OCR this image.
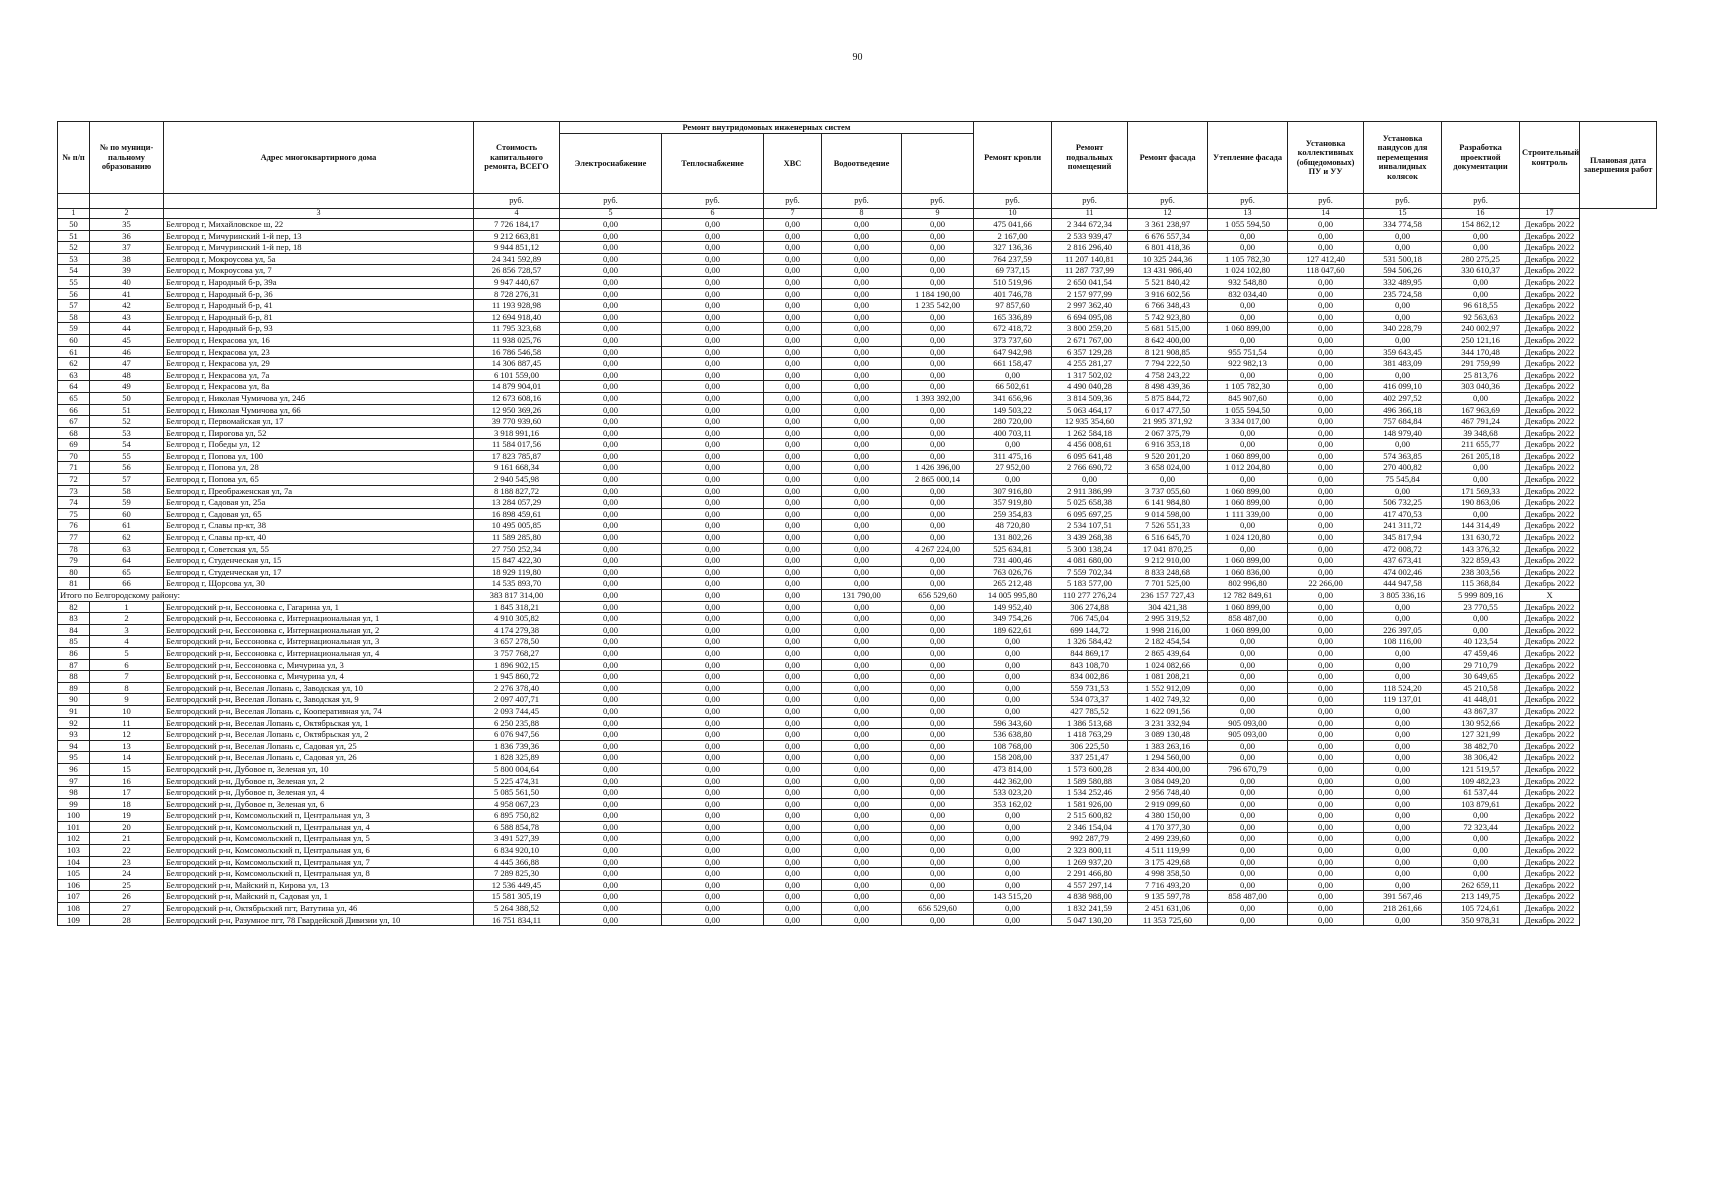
90
№ п/п	№ по муници-пальному образованию	Адрес многоквартирного дома	Стоимость капитального ремонта, ВСЕГО	Ремонт внутридомовых инженерных систем					Ремонт кровли	Ремонт подвальных помещений	Ремонт фасада	Утепление фасада	Установка коллективных (общедомовых) ПУ и УУ	Установка пандусов для перемещения инвалидных колясок	Разработка проектной документации	Строительный контроль	Плановая дата завершения работ
				Электроснабжение	Теплоснабжение	ХВС	Водоотведение										
			руб.	руб.	руб.	руб.	руб.	руб.	руб.	руб.	руб.	руб.	руб.	руб.	руб.		
1	2	3	4	5	6	7	8	9	10	11	12	13	14	15	16	17	
50	35	Белгород г, Михайловское ш, 22	7 726 184,17	0,00	0,00	0,00	0,00	0,00	475 041,66	2 344 672,34	3 361 238,97	1 055 594,50	0,00	334 774,58	154 862,12	Декабрь 2022	
51	36	Белгород г, Мичуринский 1-й пер, 13	9 212 663,81	0,00	0,00	0,00	0,00	0,00	2 167,00	2 533 939,47	6 676 557,34	0,00	0,00	0,00	0,00	Декабрь 2022	
52	37	Белгород г, Мичуринский 1-й пер, 18	9 944 851,12	0,00	0,00	0,00	0,00	0,00	327 136,36	2 816 296,40	6 801 418,36	0,00	0,00	0,00	0,00	Декабрь 2022	
53	38	Белгород г, Мокроусова ул, 5а	24 341 592,89	0,00	0,00	0,00	0,00	0,00	764 237,59	11 207 140,81	10 325 244,36	1 105 782,30	127 412,40	531 500,18	280 275,25	Декабрь 2022	
54	39	Белгород г, Мокроусова ул, 7	26 856 728,57	0,00	0,00	0,00	0,00	0,00	69 737,15	11 287 737,99	13 431 986,40	1 024 102,80	118 047,60	594 506,26	330 610,37	Декабрь 2022	
55	40	Белгород г, Народный б-р, 39а	9 947 440,67	0,00	0,00	0,00	0,00	0,00	510 519,96	2 650 041,54	5 521 840,42	932 548,80	0,00	332 489,95	0,00	Декабрь 2022	
56	41	Белгород г, Народный б-р, 36	8 728 276,31	0,00	0,00	0,00	0,00	1 184 190,00	401 746,78	2 157 977,99	3 916 602,56	832 034,40	0,00	235 724,58	0,00	Декабрь 2022	
57	42	Белгород г, Народный б-р, 41	11 193 928,98	0,00	0,00	0,00	0,00	1 235 542,00	97 857,60	2 997 362,40	6 766 348,43	0,00	0,00	0,00	96 618,55	Декабрь 2022	
58	43	Белгород г, Народный б-р, 81	12 694 918,40	0,00	0,00	0,00	0,00	0,00	165 336,89	6 694 095,08	5 742 923,80	0,00	0,00	0,00	92 563,63	Декабрь 2022	
59	44	Белгород г, Народный б-р, 93	11 795 323,68	0,00	0,00	0,00	0,00	0,00	672 418,72	3 800 259,20	5 681 515,00	1 060 899,00	0,00	340 228,79	240 002,97	Декабрь 2022	
60	45	Белгород г, Некрасова ул, 16	11 938 025,76	0,00	0,00	0,00	0,00	0,00	373 737,60	2 671 767,00	8 642 400,00	0,00	0,00	0,00	250 121,16	Декабрь 2022	
61	46	Белгород г, Некрасова ул, 23	16 786 546,58	0,00	0,00	0,00	0,00	0,00	647 942,98	6 357 129,28	8 121 908,85	955 751,54	0,00	359 643,45	344 170,48	Декабрь 2022	
62	47	Белгород г, Некрасова ул, 29	14 306 887,45	0,00	0,00	0,00	0,00	0,00	661 158,47	4 255 281,27	7 794 222,50	922 982,13	0,00	381 483,09	291 759,99	Декабрь 2022	
63	48	Белгород г, Некрасова ул, 7а	6 101 559,00	0,00	0,00	0,00	0,00	0,00	0,00	1 317 502,02	4 758 243,22	0,00	0,00	0,00	25 813,76	Декабрь 2022	
64	49	Белгород г, Некрасова ул, 8а	14 879 904,01	0,00	0,00	0,00	0,00	0,00	66 502,61	4 490 040,28	8 498 439,36	1 105 782,30	0,00	416 099,10	303 040,36	Декабрь 2022	
65	50	Белгород г, Николая Чумичова ул, 24б	12 673 608,16	0,00	0,00	0,00	0,00	1 393 392,00	341 656,96	3 814 509,36	5 875 844,72	845 907,60	0,00	402 297,52	0,00	Декабрь 2022	
66	51	Белгород г, Николая Чумичова ул, 66	12 950 369,26	0,00	0,00	0,00	0,00	0,00	149 503,22	5 063 464,17	6 017 477,50	1 055 594,50	0,00	496 366,18	167 963,69	Декабрь 2022	
67	52	Белгород г, Первомайская ул, 17	39 770 939,60	0,00	0,00	0,00	0,00	0,00	280 720,00	12 935 354,60	21 995 371,92	3 334 017,00	0,00	757 684,84	467 791,24	Декабрь 2022	
68	53	Белгород г, Пирогова ул, 52	3 918 991,16	0,00	0,00	0,00	0,00	0,00	400 703,11	1 262 584,18	2 067 375,79	0,00	0,00	148 979,40	39 348,68	Декабрь 2022	
69	54	Белгород г, Победы ул, 12	11 584 017,56	0,00	0,00	0,00	0,00	0,00	0,00	4 456 008,61	6 916 353,18	0,00	0,00	0,00	211 655,77	Декабрь 2022	
70	55	Белгород г, Попова ул, 100	17 823 785,87	0,00	0,00	0,00	0,00	0,00	311 475,16	6 095 641,48	9 520 201,20	1 060 899,00	0,00	574 363,85	261 205,18	Декабрь 2022	
71	56	Белгород г, Попова ул, 28	9 161 668,34	0,00	0,00	0,00	0,00	1 426 396,00	27 952,00	2 766 690,72	3 658 024,00	1 012 204,80	0,00	270 400,82	0,00	Декабрь 2022	
72	57	Белгород г, Попова ул, 65	2 940 545,98	0,00	0,00	0,00	0,00	2 865 000,14	0,00	0,00	0,00	0,00	0,00	75 545,84	0,00	Декабрь 2022	
73	58	Белгород г, Преображенская ул, 7а	8 188 827,72	0,00	0,00	0,00	0,00	0,00	307 916,80	2 911 386,99	3 737 055,60	1 060 899,00	0,00	0,00	171 569,33	Декабрь 2022	
74	59	Белгород г, Садовая ул, 25а	13 284 057,29	0,00	0,00	0,00	0,00	0,00	357 919,80	5 025 658,38	6 141 984,80	1 060 899,00	0,00	506 732,25	190 863,06	Декабрь 2022	
75	60	Белгород г, Садовая ул, 65	16 898 459,61	0,00	0,00	0,00	0,00	0,00	259 354,83	6 095 697,25	9 014 598,00	1 111 339,00	0,00	417 470,53	0,00	Декабрь 2022	
76	61	Белгород г, Славы пр-кт, 38	10 495 005,85	0,00	0,00	0,00	0,00	0,00	48 720,80	2 534 107,51	7 526 551,33	0,00	0,00	241 311,72	144 314,49	Декабрь 2022	
77	62	Белгород г, Славы пр-кт, 40	11 589 285,80	0,00	0,00	0,00	0,00	0,00	131 802,26	3 439 268,38	6 516 645,70	1 024 120,80	0,00	345 817,94	131 630,72	Декабрь 2022	
78	63	Белгород г, Советская ул, 55	27 750 252,34	0,00	0,00	0,00	0,00	4 267 224,00	525 634,81	5 300 138,24	17 041 870,25	0,00	0,00	472 008,72	143 376,32	Декабрь 2022	
79	64	Белгород г, Студенческая ул, 15	15 847 422,30	0,00	0,00	0,00	0,00	0,00	731 400,46	4 081 680,00	9 212 910,00	1 060 899,00	0,00	437 673,41	322 859,43	Декабрь 2022	
80	65	Белгород г, Студенческая ул, 17	18 929 119,80	0,00	0,00	0,00	0,00	0,00	763 026,76	7 559 702,34	8 833 248,68	1 060 836,00	0,00	474 002,46	238 303,56	Декабрь 2022	
81	66	Белгород г, Щорсова ул, 30	14 535 893,70	0,00	0,00	0,00	0,00	0,00	265 212,48	5 183 577,00	7 701 525,00	802 996,80	22 266,00	444 947,58	115 368,84	Декабрь 2022	
Итого по Белгородскому району:			383 817 314,00	0,00	0,00	0,00	131 790,00	656 529,60	14 005 995,80	110 277 276,24	236 157 727,43	12 782 849,61	0,00	3 805 336,16	5 999 809,16	X	
82	1	Белгородский р-н, Бессоновка с, Гагарина ул, 1	1 845 318,21	0,00	0,00	0,00	0,00	0,00	149 952,40	306 274,88	304 421,38	1 060 899,00	0,00	0,00	23 770,55	Декабрь 2022	
83	2	Белгородский р-н, Бессоновка с, Интернациональная ул, 1	4 910 305,82	0,00	0,00	0,00	0,00	0,00	349 754,26	706 745,04	2 995 319,52	858 487,00	0,00	0,00	0,00	Декабрь 2022	
84	3	Белгородский р-н, Бессоновка с, Интернациональная ул, 2	4 174 279,38	0,00	0,00	0,00	0,00	0,00	189 622,61	699 144,72	1 998 216,00	1 060 899,00	0,00	226 397,05	0,00	Декабрь 2022	
85	4	Белгородский р-н, Бессоновка с, Интернациональная ул, 3	3 657 278,50	0,00	0,00	0,00	0,00	0,00	0,00	1 326 584,42	2 182 454,54	0,00	0,00	108 116,00	40 123,54	Декабрь 2022	
86	5	Белгородский р-н, Бессоновка с, Интернациональная ул, 4	3 757 768,27	0,00	0,00	0,00	0,00	0,00	0,00	844 869,17	2 865 439,64	0,00	0,00	0,00	47 459,46	Декабрь 2022	
87	6	Белгородский р-н, Бессоновка с, Мичурина ул, 3	1 896 902,15	0,00	0,00	0,00	0,00	0,00	0,00	843 108,70	1 024 082,66	0,00	0,00	0,00	29 710,79	Декабрь 2022	
88	7	Белгородский р-н, Бессоновка с, Мичурина ул, 4	1 945 860,72	0,00	0,00	0,00	0,00	0,00	0,00	834 002,86	1 081 208,21	0,00	0,00	0,00	30 649,65	Декабрь 2022	
89	8	Белгородский р-н, Веселая Лопань с, Заводская ул, 10	2 276 378,40	0,00	0,00	0,00	0,00	0,00	0,00	559 731,53	1 552 912,09	0,00	0,00	118 524,20	45 210,58	Декабрь 2022	
90	9	Белгородский р-н, Веселая Лопань с, Заводская ул, 9	2 097 407,71	0,00	0,00	0,00	0,00	0,00	0,00	534 073,37	1 402 749,32	0,00	0,00	119 137,01	41 448,01	Декабрь 2022	
91	10	Белгородский р-н, Веселая Лопань с, Кооперативная ул, 74	2 093 744,45	0,00	0,00	0,00	0,00	0,00	0,00	427 785,52	1 622 091,56	0,00	0,00	0,00	43 867,37	Декабрь 2022	
92	11	Белгородский р-н, Веселая Лопань с, Октябрьская ул, 1	6 250 235,88	0,00	0,00	0,00	0,00	0,00	596 343,60	1 386 513,68	3 231 332,94	905 093,00	0,00	0,00	130 952,66	Декабрь 2022	
93	12	Белгородский р-н, Веселая Лопань с, Октябрьская ул, 2	6 076 947,56	0,00	0,00	0,00	0,00	0,00	536 638,80	1 418 763,29	3 089 130,48	905 093,00	0,00	0,00	127 321,99	Декабрь 2022	
94	13	Белгородский р-н, Веселая Лопань с, Садовая ул, 25	1 836 739,36	0,00	0,00	0,00	0,00	0,00	108 768,00	306 225,50	1 383 263,16	0,00	0,00	0,00	38 482,70	Декабрь 2022	
95	14	Белгородский р-н, Веселая Лопань с, Садовая ул, 26	1 828 325,89	0,00	0,00	0,00	0,00	0,00	158 208,00	337 251,47	1 294 560,00	0,00	0,00	0,00	38 306,42	Декабрь 2022	
96	15	Белгородский р-н, Дубовое п, Зеленая ул, 10	5 800 004,64	0,00	0,00	0,00	0,00	0,00	473 814,00	1 573 600,28	2 834 400,00	796 670,79	0,00	0,00	121 519,57	Декабрь 2022	
97	16	Белгородский р-н, Дубовое п, Зеленая ул, 2	5 225 474,31	0,00	0,00	0,00	0,00	0,00	442 362,00	1 589 580,88	3 084 049,20	0,00	0,00	0,00	109 482,23	Декабрь 2022	
98	17	Белгородский р-н, Дубовое п, Зеленая ул, 4	5 085 561,50	0,00	0,00	0,00	0,00	0,00	533 023,20	1 534 252,46	2 956 748,40	0,00	0,00	0,00	61 537,44	Декабрь 2022	
99	18	Белгородский р-н, Дубовое п, Зеленая ул, 6	4 958 067,23	0,00	0,00	0,00	0,00	0,00	353 162,02	1 581 926,00	2 919 099,60	0,00	0,00	0,00	103 879,61	Декабрь 2022	
100	19	Белгородский р-н, Комсомольский п, Центральная ул, 3	6 895 750,82	0,00	0,00	0,00	0,00	0,00	0,00	2 515 600,82	4 380 150,00	0,00	0,00	0,00	0,00	Декабрь 2022	
101	20	Белгородский р-н, Комсомольский п, Центральная ул, 4	6 588 854,78	0,00	0,00	0,00	0,00	0,00	0,00	2 346 154,04	4 170 377,30	0,00	0,00	0,00	72 323,44	Декабрь 2022	
102	21	Белгородский р-н, Комсомольский п, Центральная ул, 5	3 491 527,39	0,00	0,00	0,00	0,00	0,00	0,00	992 287,79	2 499 239,60	0,00	0,00	0,00	0,00	Декабрь 2022	
103	22	Белгородский р-н, Комсомольский п, Центральная ул, 6	6 834 920,10	0,00	0,00	0,00	0,00	0,00	0,00	2 323 800,11	4 511 119,99	0,00	0,00	0,00	0,00	Декабрь 2022	
104	23	Белгородский р-н, Комсомольский п, Центральная ул, 7	4 445 366,88	0,00	0,00	0,00	0,00	0,00	0,00	1 269 937,20	3 175 429,68	0,00	0,00	0,00	0,00	Декабрь 2022	
105	24	Белгородский р-н, Комсомольский п, Центральная ул, 8	7 289 825,30	0,00	0,00	0,00	0,00	0,00	0,00	2 291 466,80	4 998 358,50	0,00	0,00	0,00	0,00	Декабрь 2022	
106	25	Белгородский р-н, Майский п, Кирова ул, 13	12 536 449,45	0,00	0,00	0,00	0,00	0,00	0,00	4 557 297,14	7 716 493,20	0,00	0,00	0,00	262 659,11	Декабрь 2022	
107	26	Белгородский р-н, Майский п, Садовая ул, 1	15 581 305,19	0,00	0,00	0,00	0,00	0,00	143 515,20	4 838 988,00	9 135 597,78	858 487,00	0,00	391 567,46	213 149,75	Декабрь 2022	
108	27	Белгородский р-н, Октябрьский пгт, Ватутина ул, 46	5 264 388,52	0,00	0,00	0,00	0,00	656 529,60	0,00	1 832 241,59	2 451 631,06	0,00	0,00	218 261,66	105 724,61	Декабрь 2022	
109	28	Белгородский р-н, Разумное пгт, 78 Гвардейской Дивизии ул, 10	16 751 834,11	0,00	0,00	0,00	0,00	0,00	0,00	5 047 130,20	11 353 725,60	0,00	0,00	0,00	350 978,31	Декабрь 2022	
